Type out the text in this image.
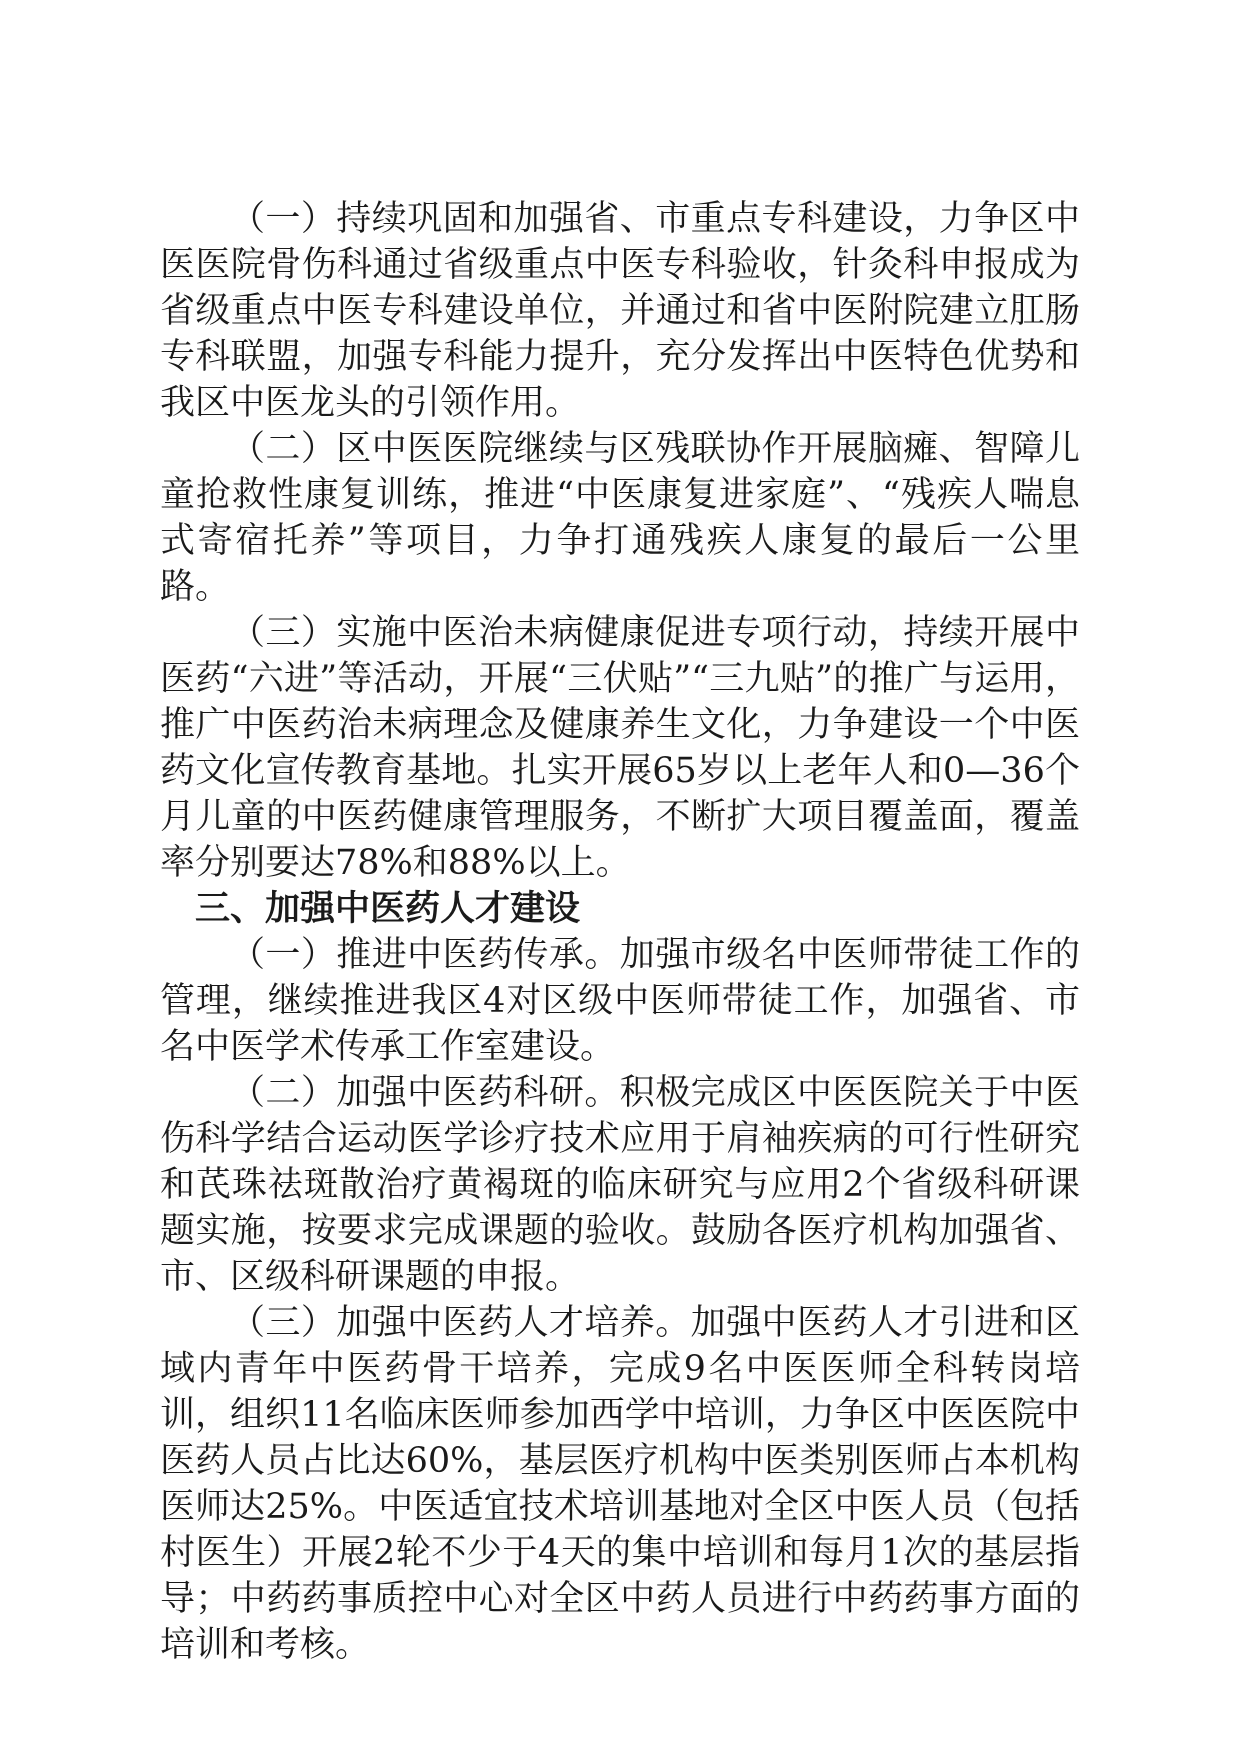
（一）持续巩固和加强省、市重点专科建设，力争区中医医院骨伤科通过省级重点中医专科验收，针灸科申报成为省级重点中医专科建设单位，并通过和省中医附院建立肛肠专科联盟，加强专科能力提升，充分发挥出中医特色优势和我区中医龙头的引领作用。

（二）区中医医院继续与区残联协作开展脑瘫、智障儿童抢救性康复训练，推进“中医康复进家庭”、“残疾人喘息式寄宿托养”等项目，力争打通残疾人康复的最后一公里路。

（三）实施中医治未病健康促进专项行动，持续开展中医药“六进”等活动，开展“三伏贴”“三九贴”的推广与运用，推广中医药治未病理念及健康养生文化，力争建设一个中医药文化宣传教育基地。扎实开展65岁以上老年人和0—36个月儿童的中医药健康管理服务，不断扩大项目覆盖面，覆盖率分别要达78%和88%以上。

三、加强中医药人才建设

（一）推进中医药传承。加强市级名中医师带徒工作的管理，继续推进我区4对区级中医师带徒工作，加强省、市名中医学术传承工作室建设。

（二）加强中医药科研。积极完成区中医医院关于中医伤科学结合运动医学诊疗技术应用于肩袖疾病的可行性研究和芪珠祛斑散治疗黄褐斑的临床研究与应用2个省级科研课题实施，按要求完成课题的验收。鼓励各医疗机构加强省、市、区级科研课题的申报。

（三）加强中医药人才培养。加强中医药人才引进和区域内青年中医药骨干培养，完成9名中医医师全科转岗培训，组织11名临床医师参加西学中培训，力争区中医医院中医药人员占比达60%，基层医疗机构中医类别医师占本机构医师达25%。中医适宜技术培训基地对全区中医人员（包括村医生）开展2轮不少于4天的集中培训和每月1次的基层指导；中药药事质控中心对全区中药人员进行中药药事方面的培训和考核。
